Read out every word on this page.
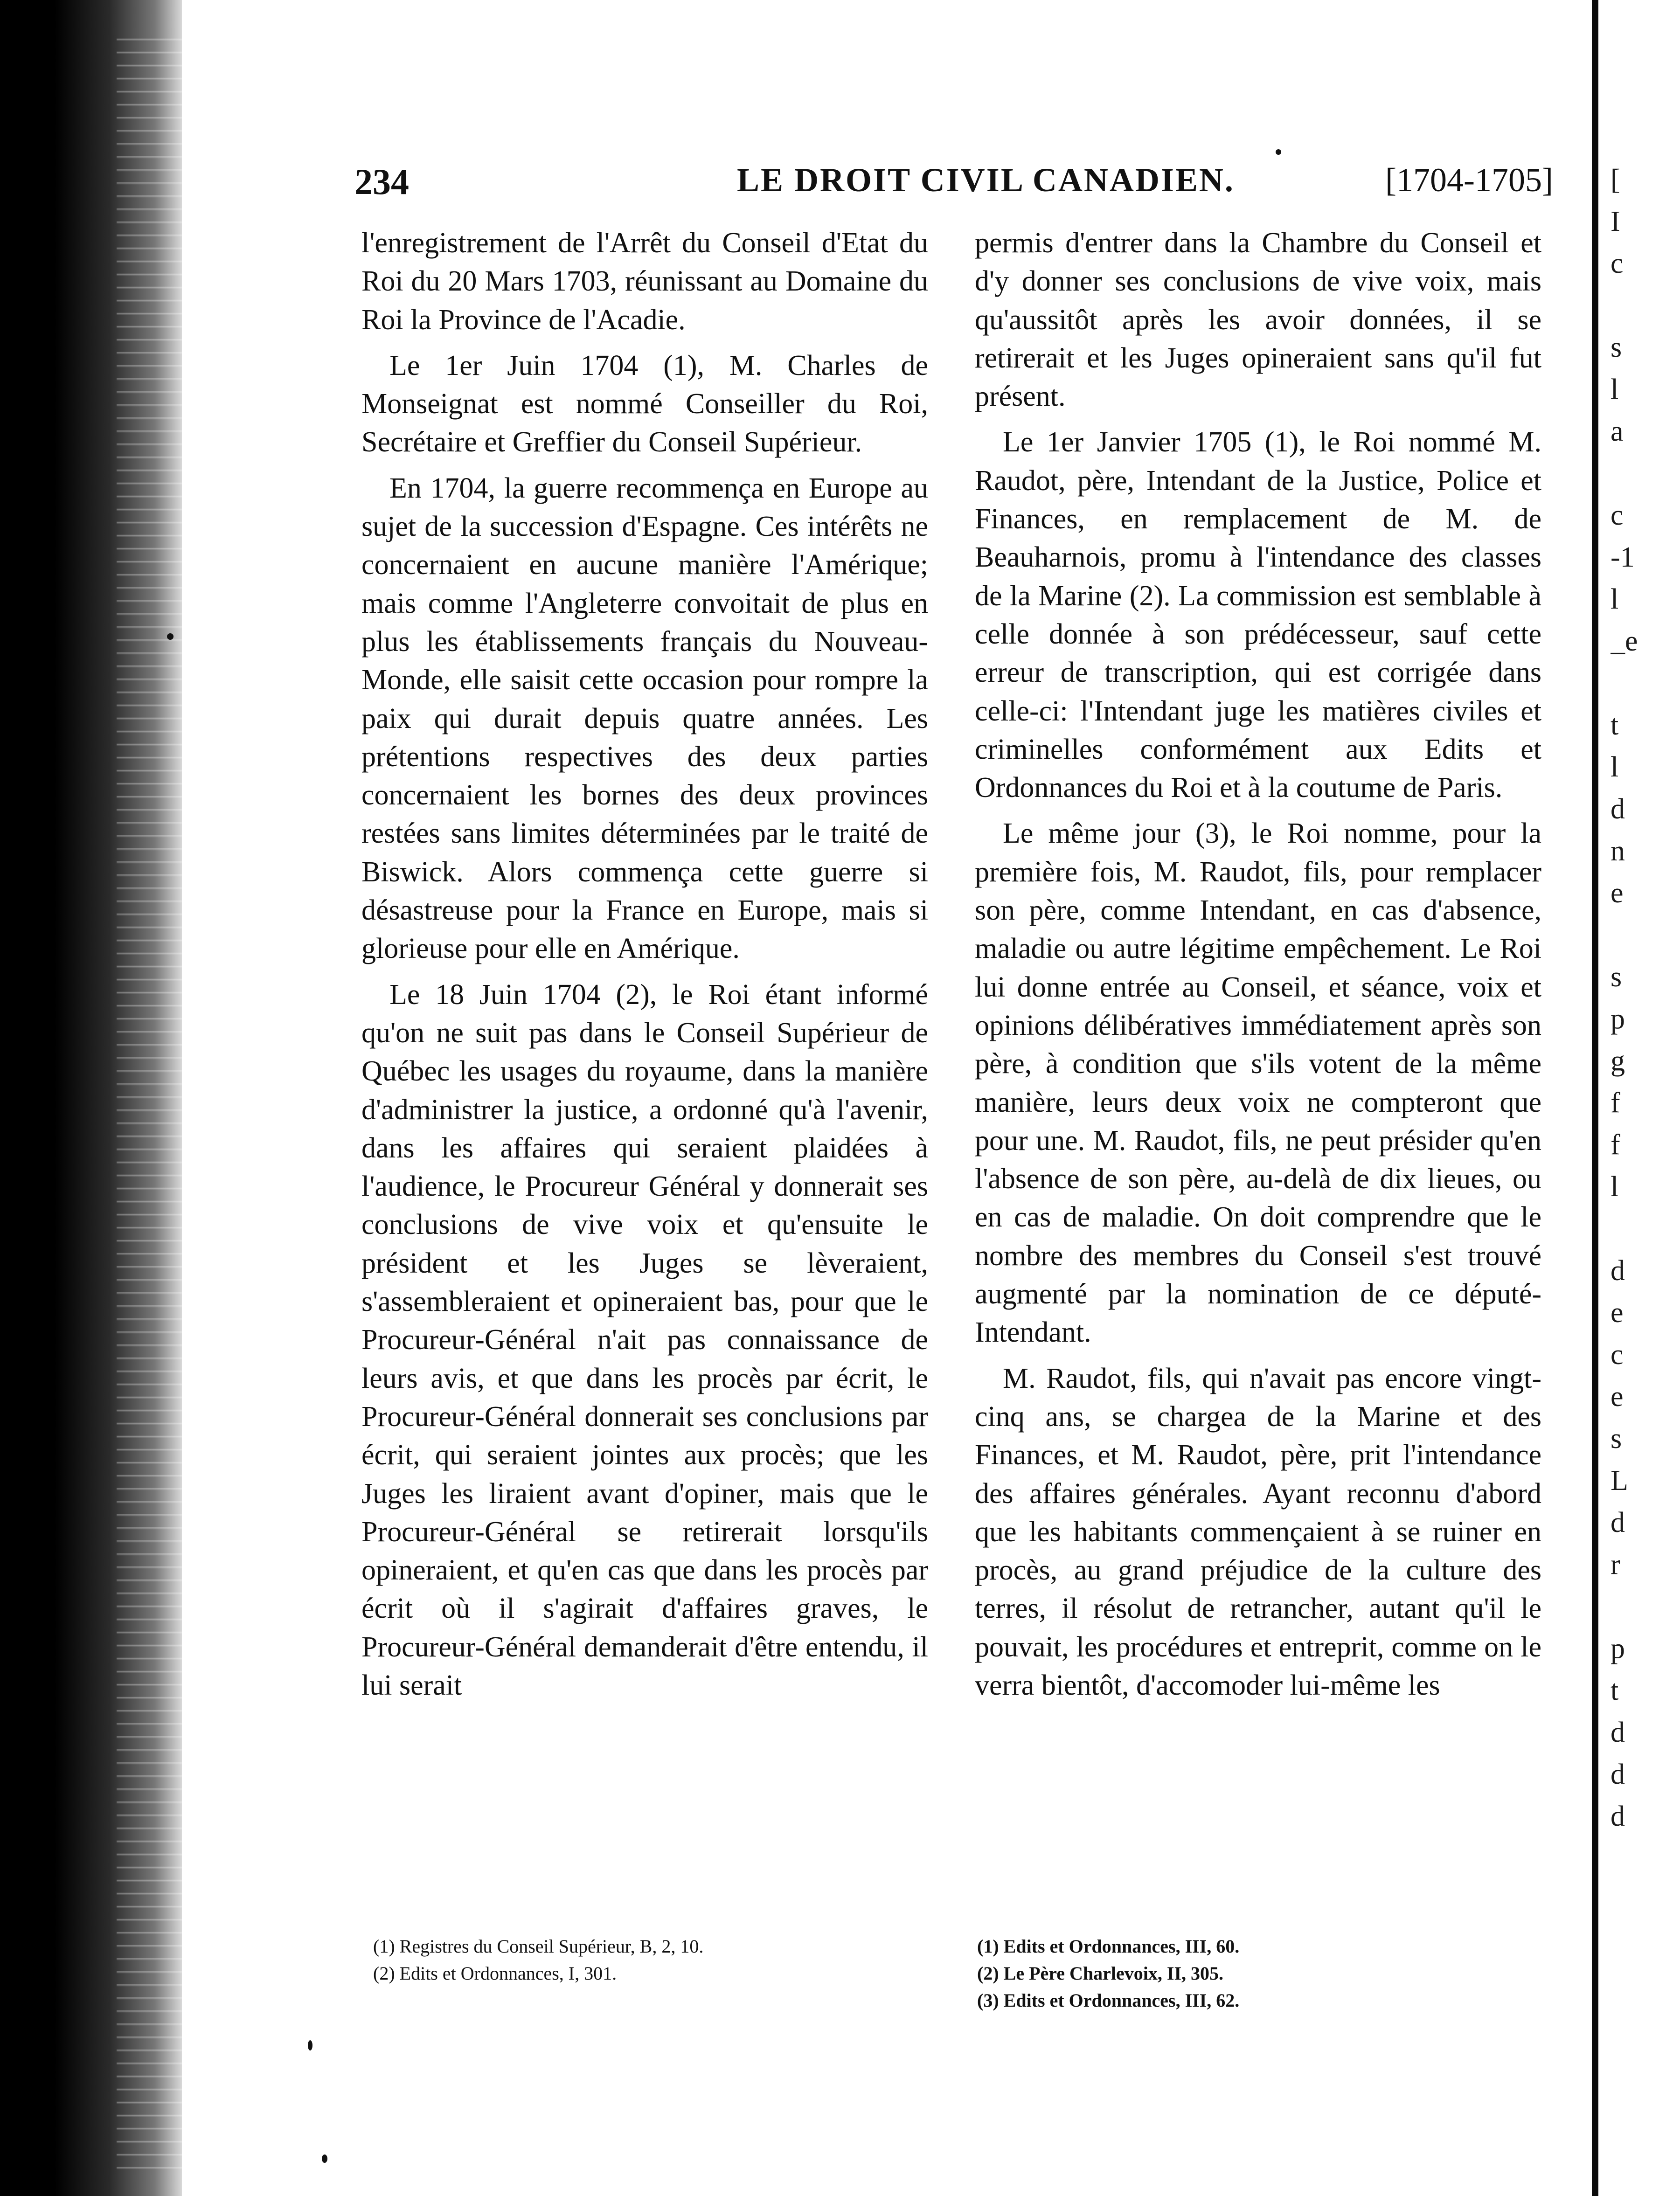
[
I
c
s
l
a
c
-1
l
_e
t
l
d
n
e
s
p
g
f
f
l
d
e
c
e
s
L
d
r
p
t
d
d
d
234	LE DROIT CIVIL CANADIEN.	[1704-1705]

l'enregistrement de l'Arrêt du Conseil d'Etat du Roi du 20 Mars 1703, réunissant au Domaine du Roi la Province de l'Acadie.

Le 1er Juin 1704 (1), M. Charles de Monseignat est nommé Conseiller du Roi, Secrétaire et Greffier du Conseil Supérieur.

En 1704, la guerre recommença en Europe au sujet de la succession d'Espagne. Ces intérêts ne concernaient en aucune manière l'Amérique; mais comme l'Angleterre convoitait de plus en plus les établissements français du Nouveau-Monde, elle saisit cette occasion pour rompre la paix qui durait depuis quatre années. Les prétentions respectives des deux parties concernaient les bornes des deux provinces restées sans limites déterminées par le traité de Biswick. Alors commença cette guerre si désastreuse pour la France en Europe, mais si glorieuse pour elle en Amérique.

Le 18 Juin 1704 (2), le Roi étant informé qu'on ne suit pas dans le Conseil Supérieur de Québec les usages du royaume, dans la manière d'administrer la justice, a ordonné qu'à l'avenir, dans les affaires qui seraient plaidées à l'audience, le Procureur Général y donnerait ses conclusions de vive voix et qu'ensuite le président et les Juges se lèveraient, s'assembleraient et opineraient bas, pour que le Procureur-Général n'ait pas connaissance de leurs avis, et que dans les procès par écrit, le Procureur-Général donnerait ses conclusions par écrit, qui seraient jointes aux procès; que les Juges les liraient avant d'opiner, mais que le Procureur-Général se retirerait lorsqu'ils opineraient, et qu'en cas que dans les procès par écrit où il s'agirait d'affaires graves, le Procureur-Général demanderait d'être entendu, il lui serait

permis d'entrer dans la Chambre du Conseil et d'y donner ses conclusions de vive voix, mais qu'aussitôt après les avoir données, il se retirerait et les Juges opineraient sans qu'il fut présent.

Le 1er Janvier 1705 (1), le Roi nommé M. Raudot, père, Intendant de la Justice, Police et Finances, en remplacement de M. de Beauharnois, promu à l'intendance des classes de la Marine (2). La commission est semblable à celle donnée à son prédécesseur, sauf cette erreur de transcription, qui est corrigée dans celle-ci: l'Intendant juge les matières civiles et criminelles conformément aux Edits et Ordonnances du Roi et à la coutume de Paris.

Le même jour (3), le Roi nomme, pour la première fois, M. Raudot, fils, pour remplacer son père, comme Intendant, en cas d'absence, maladie ou autre légitime empêchement. Le Roi lui donne entrée au Conseil, et séance, voix et opinions délibératives immédiatement après son père, à condition que s'ils votent de la même manière, leurs deux voix ne compteront que pour une. M. Raudot, fils, ne peut présider qu'en l'absence de son père, au-delà de dix lieues, ou en cas de maladie. On doit comprendre que le nombre des membres du Conseil s'est trouvé augmenté par la nomination de ce député-Intendant.

M. Raudot, fils, qui n'avait pas encore vingt-cinq ans, se chargea de la Marine et des Finances, et M. Raudot, père, prit l'intendance des affaires générales. Ayant reconnu d'abord que les habitants commençaient à se ruiner en procès, au grand préjudice de la culture des terres, il résolut de retrancher, autant qu'il le pouvait, les procédures et entreprit, comme on le verra bientôt, d'accomoder lui-même les

(1) Registres du Conseil Supérieur, B, 2, 10.
(2) Edits et Ordonnances, I, 301.
(1) Edits et Ordonnances, III, 60.
(2) Le Père Charlevoix, II, 305.
(3) Edits et Ordonnances, III, 62.
